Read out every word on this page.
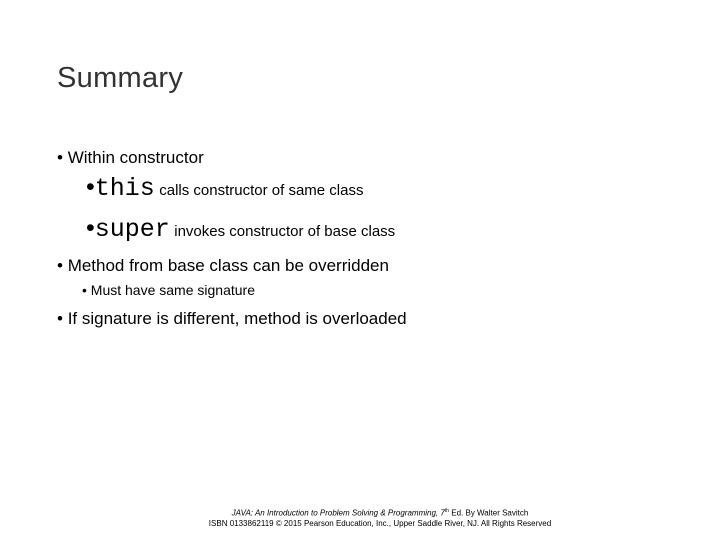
Summary
• Within constructor
•this calls constructor of same class
•super invokes constructor of base class
• Method from base class can be overridden
• Must have same signature
• If signature is different, method is overloaded
JAVA: An Introduction to Problem Solving & Programming, 7th Ed. By Walter Savitch
ISBN 0133862119 © 2015 Pearson Education, Inc., Upper Saddle River, NJ. All Rights Reserved
